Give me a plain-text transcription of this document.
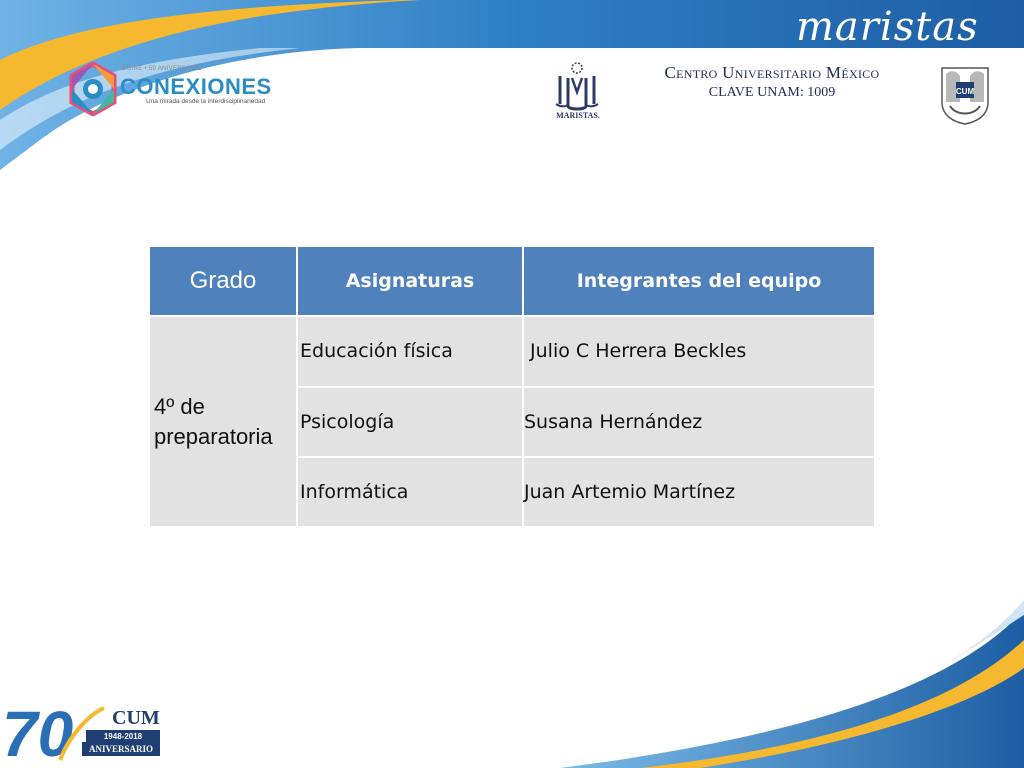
maristas
DGIRE • 50 ANIVERSARIO
CONEXIONES
Una mirada desde la interdisciplinariedad
MARISTAS.
Centro Universitario México
CLAVE UNAM: 1009	CUM
Grado	Asignaturas	Integrantes del equipo
4º de preparatoria	Educación física	Julio C Herrera Beckles
	Psicología	Susana Hernández
	Informática	Juan Artemio Martínez
70 CUM
1948-2018
ANIVERSARIO
